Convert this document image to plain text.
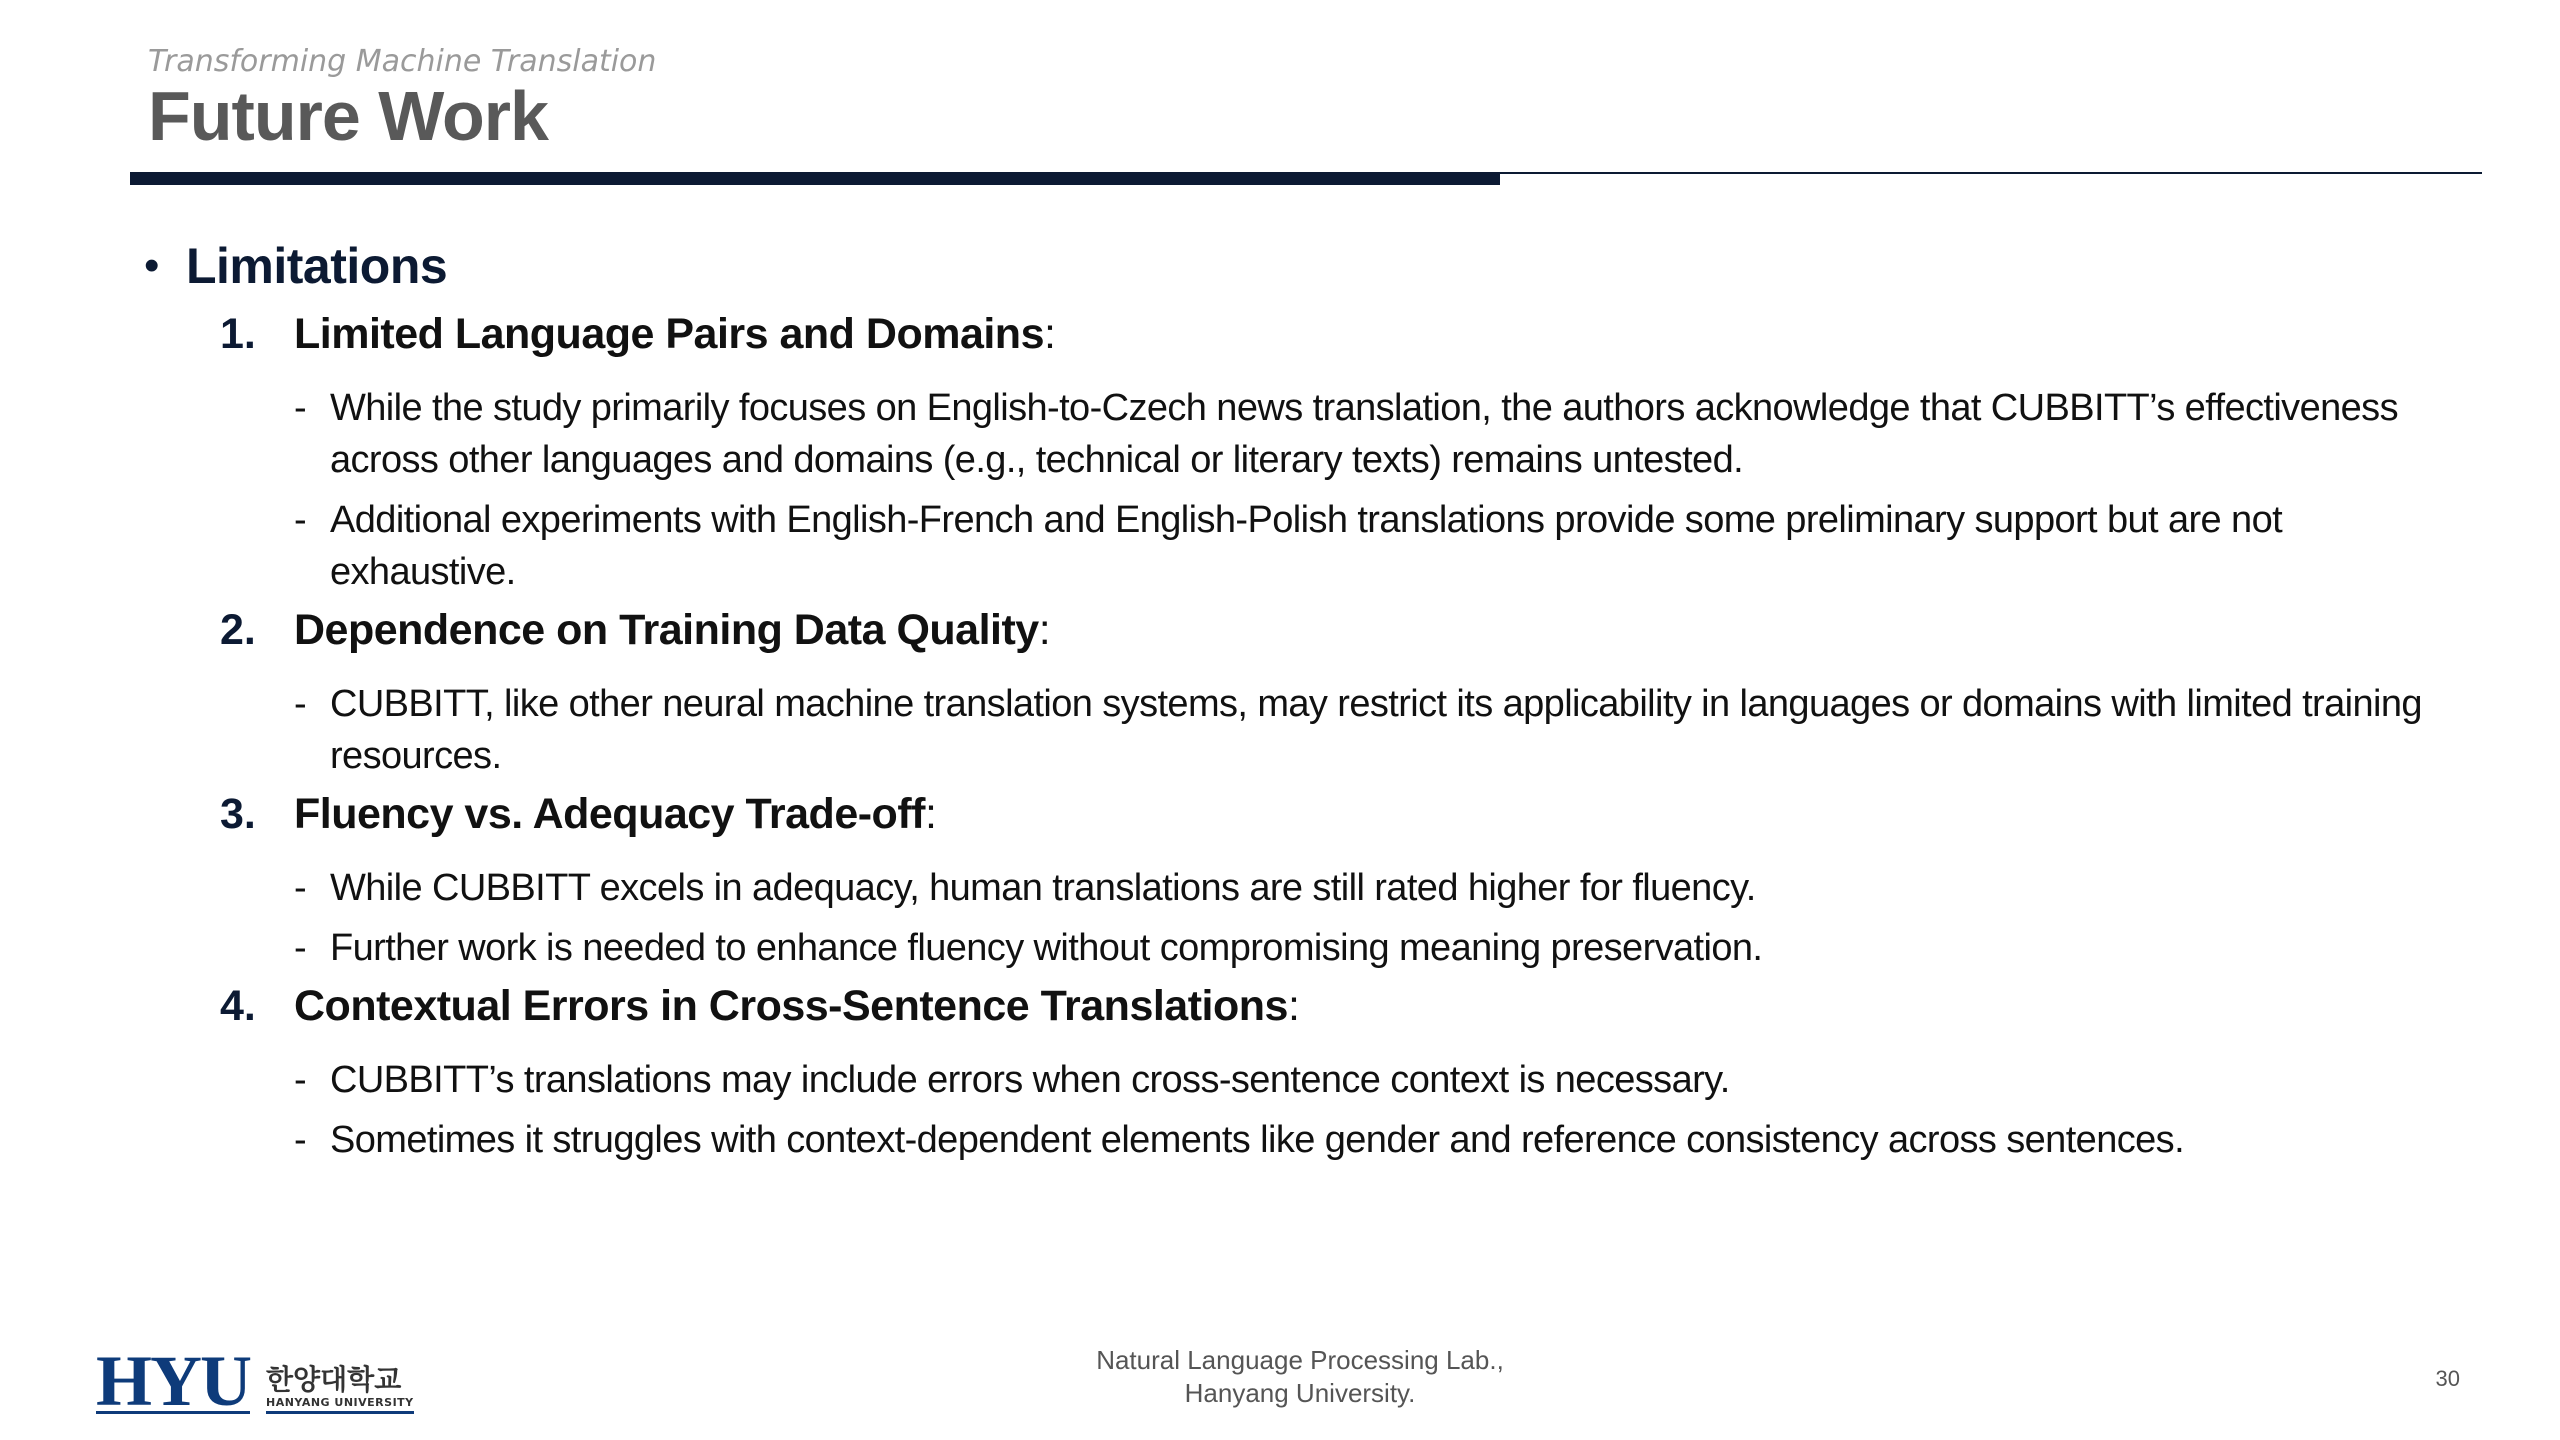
Transforming Machine Translation
Future Work
• Limitations
1. Limited Language Pairs and Domains :
- While the study primarily focuses on English-to-Czech news translation, the authors acknowledge that CUBBITT’s effectiveness across other languages and domains (e.g., technical or literary texts) remains untested.
- Additional experiments with English-French and English-Polish translations provide some preliminary support but are not exhaustive.
2. Dependence on Training Data Quality :
- CUBBITT, like other neural machine translation systems, may restrict its applicability in languages or domains with limited training resources.
3. Fluency vs. Adequacy Trade-off :
- While CUBBITT excels in adequacy, human translations are still rated higher for fluency.
- Further work is needed to enhance fluency without compromising meaning preservation.
4. Contextual Errors in Cross-Sentence Translations :
- CUBBITT’s translations may include errors when cross-sentence context is necessary.
- Sometimes it struggles with context-dependent elements like gender and reference consistency across sentences.
HYU 한양대학교
HANYANG UNIVERSITY
Natural Language Processing Lab.,
Hanyang University.	30
